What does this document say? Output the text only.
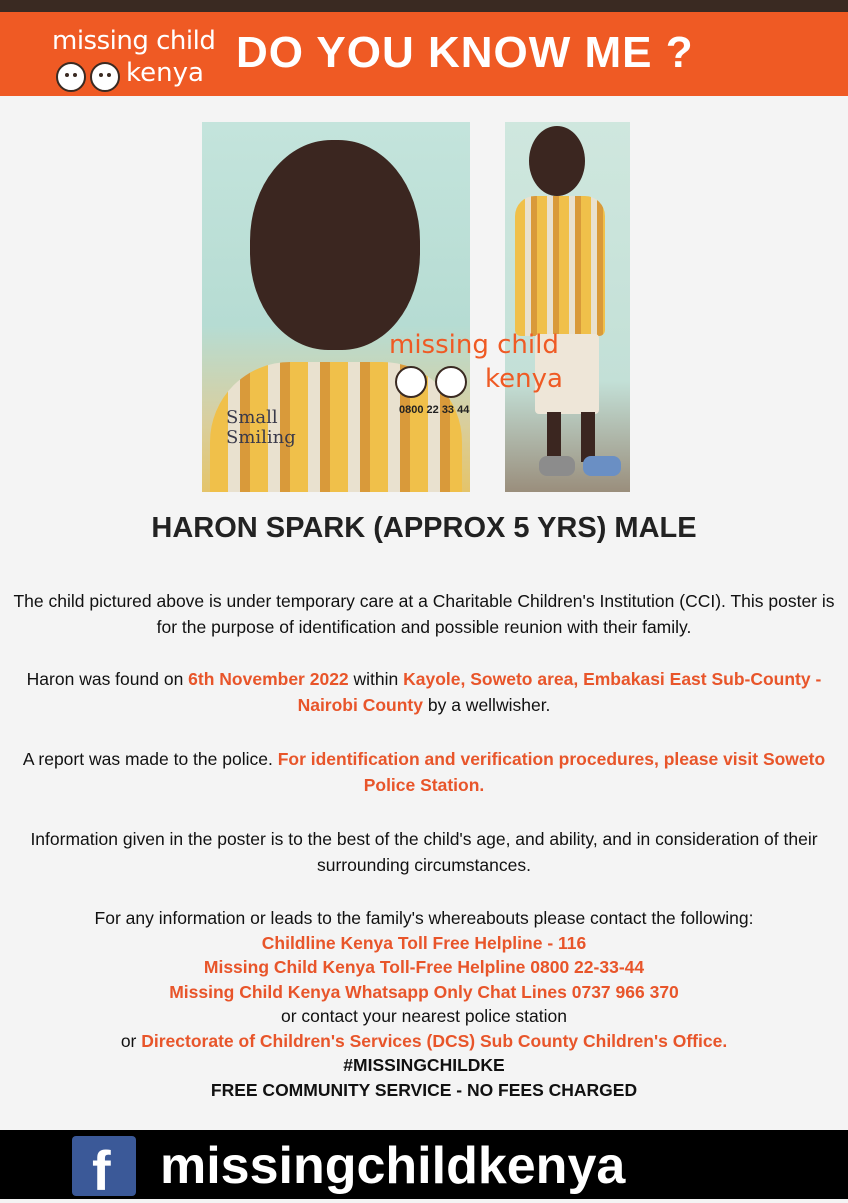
missing child
kenya DO YOU KNOW ME ?
Small
Smiling
missing child
kenya
0800 22 33 44
HARON SPARK (APPROX 5 YRS) MALE
The child pictured above is under temporary care at a Charitable Children's Institution (CCI). This poster is for the purpose of identification and possible reunion with their family.
Haron was found on 6th November 2022 within Kayole, Soweto area, Embakasi East Sub-County - Nairobi County by a wellwisher.
A report was made to the police. For identification and verification procedures, please visit Soweto Police Station.
Information given in the poster is to the best of the child's age, and ability, and in consideration of their surrounding circumstances.
For any information or leads to the family's whereabouts please contact the following:
Childline Kenya Toll Free Helpline - 116
Missing Child Kenya Toll-Free Helpline 0800 22-33-44
Missing Child Kenya Whatsapp Only Chat Lines 0737 966 370
or contact your nearest police station
or Directorate of Children's Services (DCS) Sub County Children's Office.
#MISSINGCHILDKE
FREE COMMUNITY SERVICE - NO FEES CHARGED
f missingchildkenya
